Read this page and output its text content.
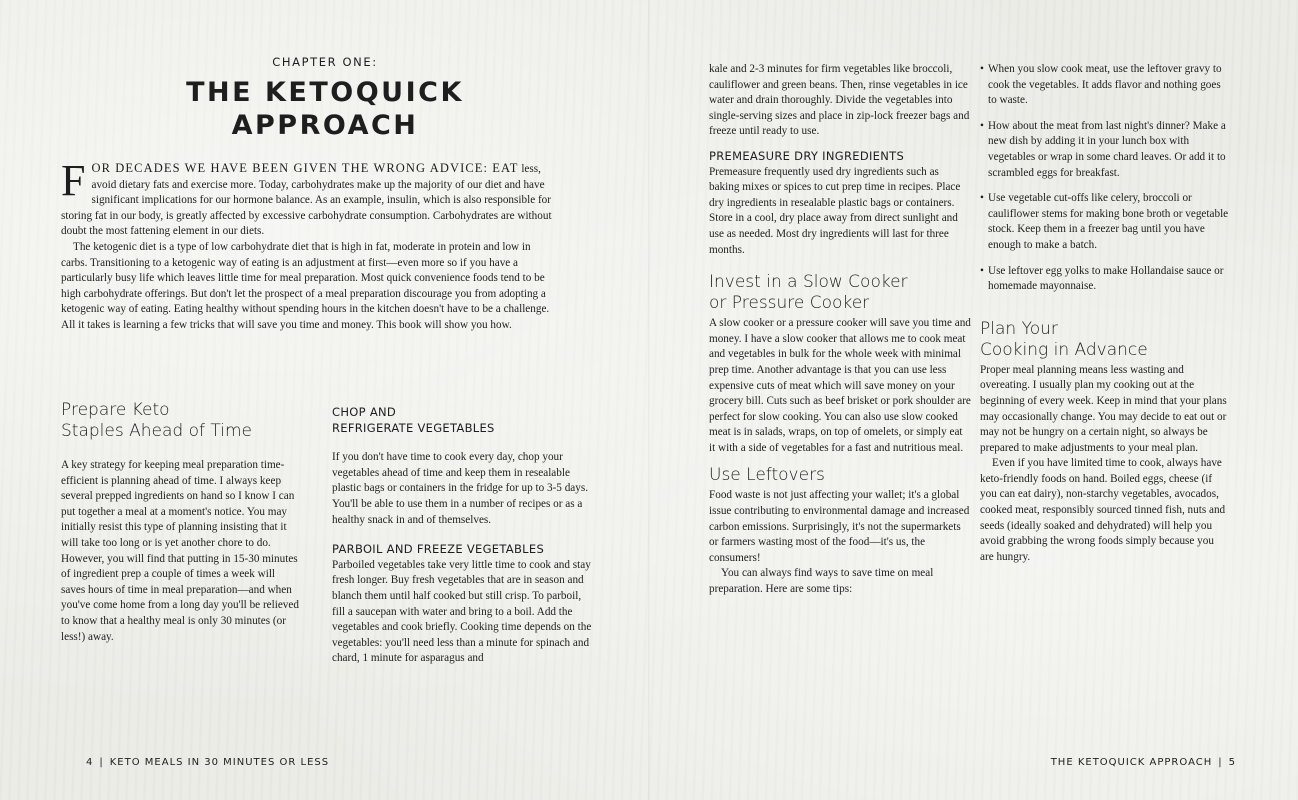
CHAPTER ONE:
THE KETOQUICK
APPROACH

FOR DECADES WE HAVE BEEN GIVEN THE WRONG ADVICE: EAT less, avoid dietary fats and exercise more. Today, carbohydrates make up the majority of our diet and have significant implications for our hormone balance. As an example, insulin, which is also responsible for storing fat in our body, is greatly affected by excessive carbohydrate consumption. Carbohydrates are without doubt the most fattening element in our diets.

The ketogenic diet is a type of low carbohydrate diet that is high in fat, moderate in protein and low in carbs. Transitioning to a ketogenic way of eating is an adjustment at first—even more so if you have a particularly busy life which leaves little time for meal preparation. Most quick convenience foods tend to be high carbohydrate offerings. But don't let the prospect of a meal preparation discourage you from adopting a ketogenic way of eating. Eating healthy without spending hours in the kitchen doesn't have to be a challenge. All it takes is learning a few tricks that will save you time and money. This book will show you how.

Prepare Keto
Staples Ahead of Time

A key strategy for keeping meal preparation time-efficient is planning ahead of time. I always keep several prepped ingredients on hand so I know I can put together a meal at a moment's notice. You may initially resist this type of planning insisting that it will take too long or is yet another chore to do. However, you will find that putting in 15-30 minutes of ingredient prep a couple of times a week will saves hours of time in meal preparation—and when you've come home from a long day you'll be relieved to know that a healthy meal is only 30 minutes (or less!) away.

CHOP AND
REFRIGERATE VEGETABLES

If you don't have time to cook every day, chop your vegetables ahead of time and keep them in resealable plastic bags or containers in the fridge for up to 3-5 days. You'll be able to use them in a number of recipes or as a healthy snack in and of themselves.

PARBOIL AND FREEZE VEGETABLES

Parboiled vegetables take very little time to cook and stay fresh longer. Buy fresh vegetables that are in season and blanch them until half cooked but still crisp. To parboil, fill a saucepan with water and bring to a boil. Add the vegetables and cook briefly. Cooking time depends on the vegetables: you'll need less than a minute for spinach and chard, 1 minute for asparagus and

kale and 2-3 minutes for firm vegetables like broccoli, cauliflower and green beans. Then, rinse vegetables in ice water and drain thoroughly. Divide the vegetables into single-serving sizes and place in zip-lock freezer bags and freeze until ready to use.

PREMEASURE DRY INGREDIENTS

Premeasure frequently used dry ingredients such as baking mixes or spices to cut prep time in recipes. Place dry ingredients in resealable plastic bags or containers. Store in a cool, dry place away from direct sunlight and use as needed. Most dry ingredients will last for three months.

Invest in a Slow Cooker
or Pressure Cooker

A slow cooker or a pressure cooker will save you time and money. I have a slow cooker that allows me to cook meat and vegetables in bulk for the whole week with minimal prep time. Another advantage is that you can use less expensive cuts of meat which will save money on your grocery bill. Cuts such as beef brisket or pork shoulder are perfect for slow cooking. You can also use slow cooked meat is in salads, wraps, on top of omelets, or simply eat it with a side of vegetables for a fast and nutritious meal.

Use Leftovers

Food waste is not just affecting your wallet; it's a global issue contributing to environmental damage and increased carbon emissions. Surprisingly, it's not the supermarkets or farmers wasting most of the food—it's us, the consumers!

You can always find ways to save time on meal preparation. Here are some tips:

• When you slow cook meat, use the leftover gravy to cook the vegetables. It adds flavor and nothing goes to waste.

• How about the meat from last night's dinner? Make a new dish by adding it in your lunch box with vegetables or wrap in some chard leaves. Or add it to scrambled eggs for breakfast.

• Use vegetable cut-offs like celery, broccoli or cauliflower stems for making bone broth or vegetable stock. Keep them in a freezer bag until you have enough to make a batch.

• Use leftover egg yolks to make Hollandaise sauce or homemade mayonnaise.

Plan Your
Cooking in Advance

Proper meal planning means less wasting and overeating. I usually plan my cooking out at the beginning of every week. Keep in mind that your plans may occasionally change. You may decide to eat out or may not be hungry on a certain night, so always be prepared to make adjustments to your meal plan.

Even if you have limited time to cook, always have keto-friendly foods on hand. Boiled eggs, cheese (if you can eat dairy), non-starchy vegetables, avocados, cooked meat, responsibly sourced tinned fish, nuts and seeds (ideally soaked and dehydrated) will help you avoid grabbing the wrong foods simply because you are hungry.

4 | KETO MEALS IN 30 MINUTES OR LESS	THE KETOQUICK APPROACH | 5
